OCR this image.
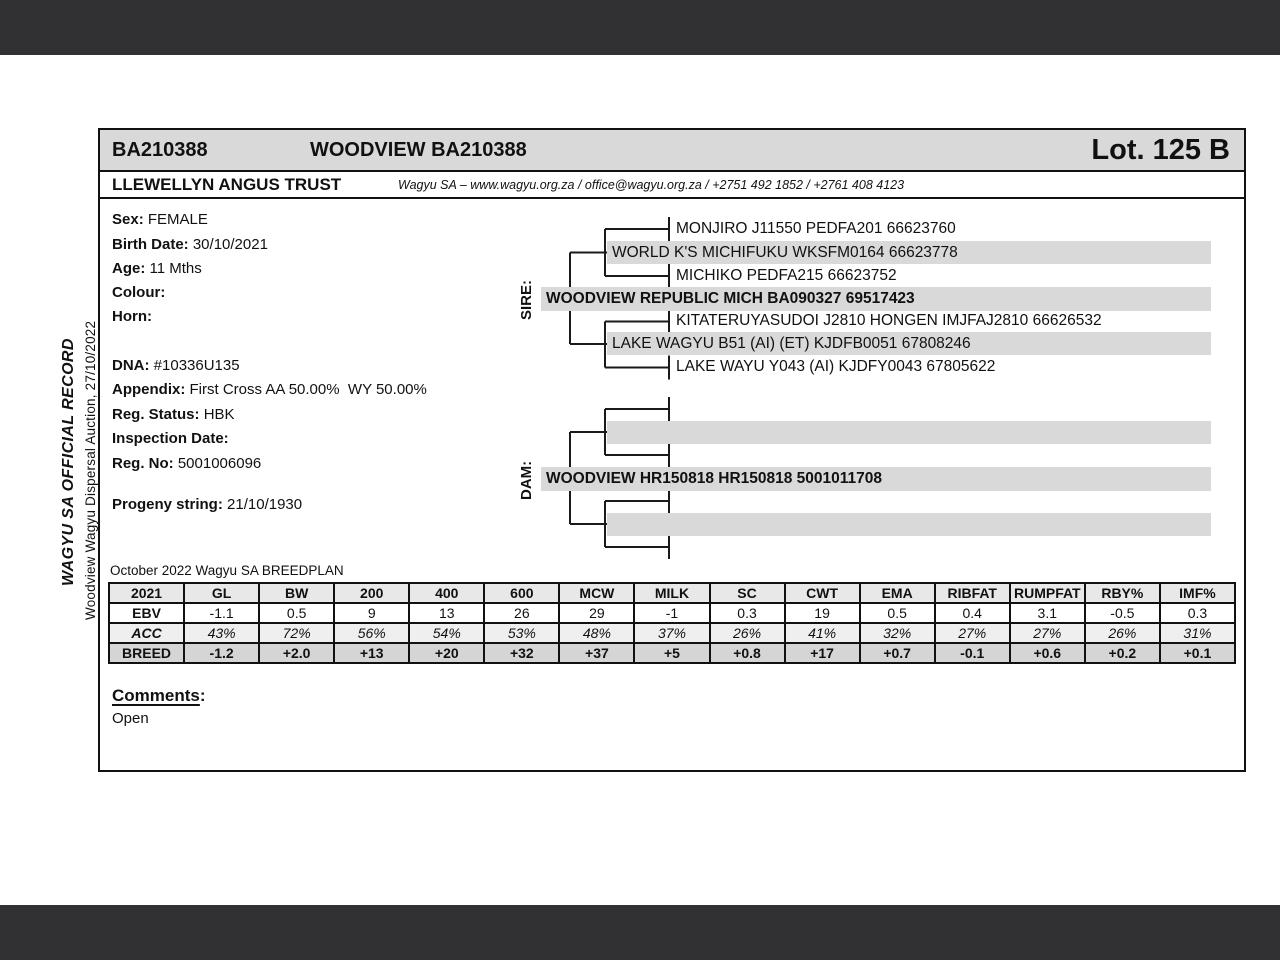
WAGYU SA OFFICIAL RECORD Woodview Wagyu Dispersal Auction, 27/10/2022
BA210388	WOODVIEW BA210388	Lot. 125 B
LLEWELLYN ANGUS TRUST	Wagyu SA – www.wagyu.org.za / office@wagyu.org.za / +2751 492 1852 / +2761 408 4123
Sex: FEMALE
Birth Date: 30/10/2021
Age: 11 Mths
Colour:
Horn:
DNA: #10336U135
Appendix: First Cross AA 50.00%  WY 50.00%
Reg. Status: HBK
Inspection Date:
Reg. No: 5001006096
Progeny string: 21/10/1930
SIRE:
DAM:
MONJIRO J11550 PEDFA201 66623760
WORLD K'S MICHIFUKU WKSFM0164 66623778
MICHIKO PEDFA215 66623752
WOODVIEW REPUBLIC MICH BA090327 69517423
KITATERUYASUDOI J2810 HONGEN IMJFAJ2810 66626532
LAKE WAGYU B51 (AI) (ET) KJDFB0051 67808246
LAKE WAYU Y043 (AI) KJDFY0043 67805622
WOODVIEW HR150818 HR150818 5001011708
October 2022 Wagyu SA BREEDPLAN
2021	GL	BW	200	400	600	MCW	MILK	SC	CWT	EMA	RIBFAT	RUMPFAT	RBY%	IMF%
EBV	-1.1	0.5	9	13	26	29	-1	0.3	19	0.5	0.4	3.1	-0.5	0.3
ACC	43%	72%	56%	54%	53%	48%	37%	26%	41%	32%	27%	27%	26%	31%
BREED	-1.2	+2.0	+13	+20	+32	+37	+5	+0.8	+17	+0.7	-0.1	+0.6	+0.2	+0.1
Comments:
Open
